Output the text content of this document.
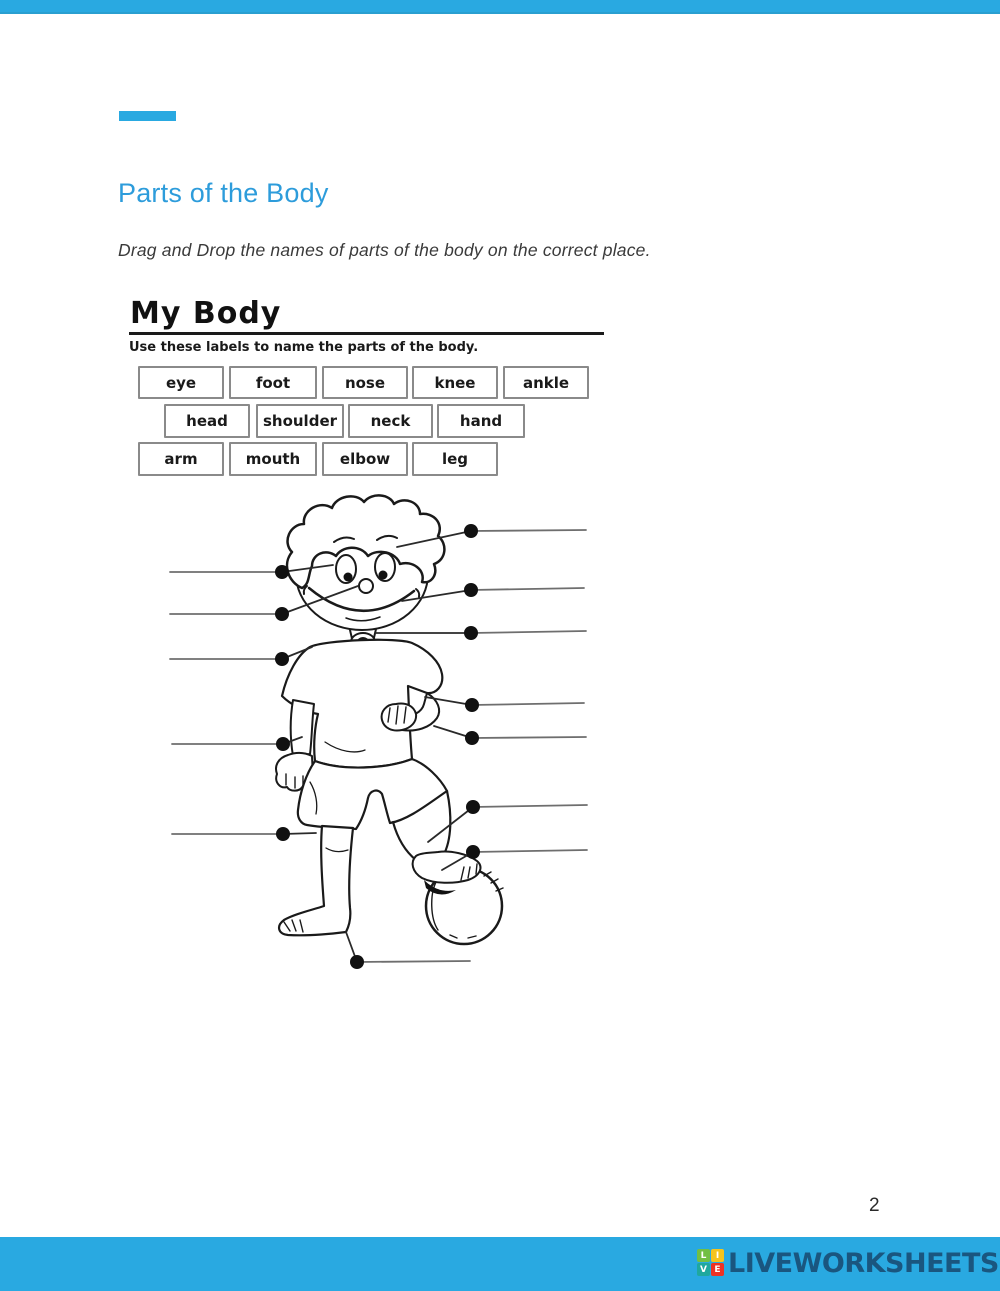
Parts of the Body
Drag and Drop the names of parts of the body on the correct place.
My Body
Use these labels to name the parts of the body.
eye	foot	nose	knee	ankle
head	shoulder	neck	hand
arm	mouth	elbow	leg
2
L	I
V E LIVEWORKSHEETS
